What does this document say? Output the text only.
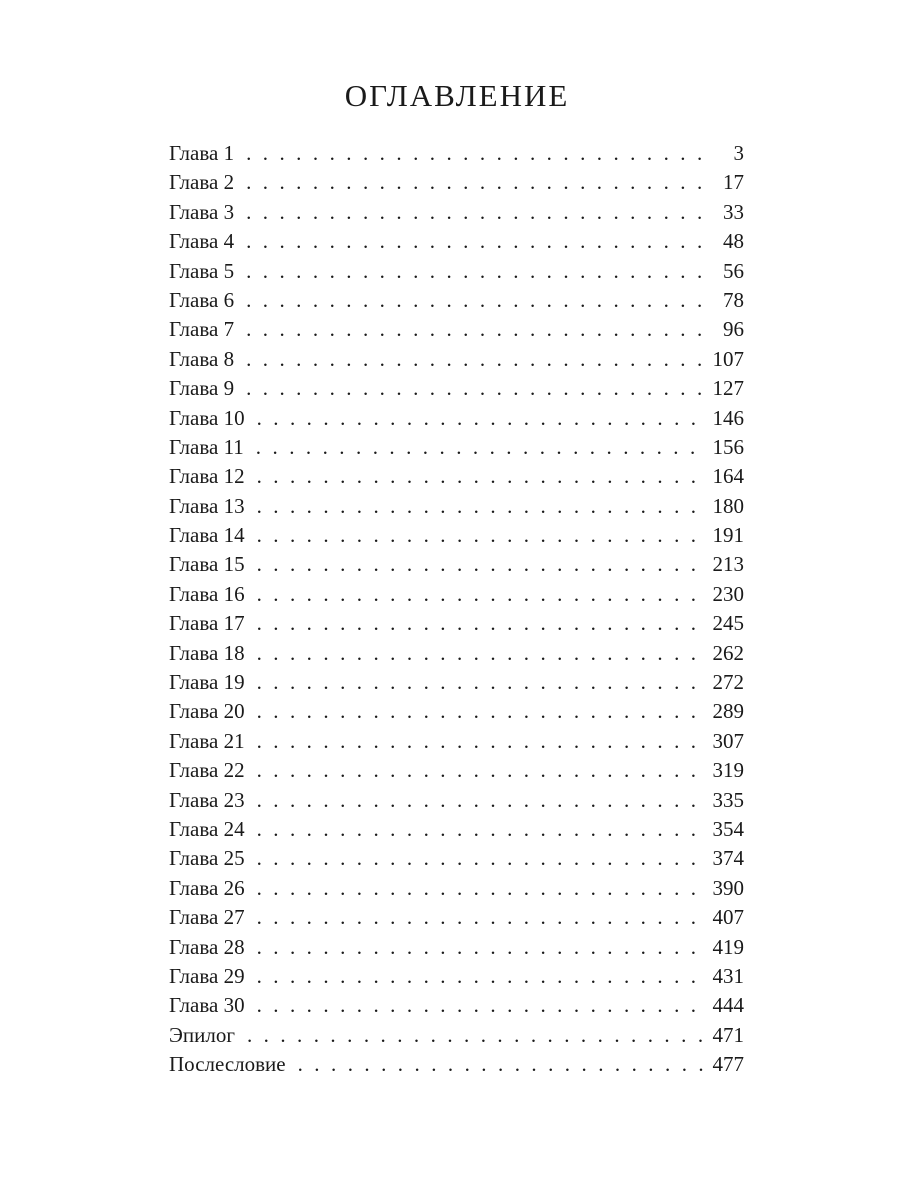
ОГЛАВЛЕНИЕ
Глава 1 . . .	3
Глава 2 . . .	17
Глава 3 . . .	33
Глава 4 . . .	48
Глава 5 . . .	56
Глава 6 . . .	78
Глава 7 . . .	96
Глава 8 . . .	107
Глава 9 . . .	127
Глава 10 . . .	146
Глава 11 . . .	156
Глава 12 . . .	164
Глава 13 . . .	180
Глава 14 . . .	191
Глава 15 . . .	213
Глава 16 . . .	230
Глава 17 . . .	245
Глава 18 . . .	262
Глава 19 . . .	272
Глава 20 . . .	289
Глава 21 . . .	307
Глава 22 . . .	319
Глава 23 . . .	335
Глава 24 . . .	354
Глава 25 . . .	374
Глава 26 . . .	390
Глава 27 . . .	407
Глава 28 . . .	419
Глава 29 . . .	431
Глава 30 . . .	444
Эпилог . . .	471
Послесловие . . .	477
